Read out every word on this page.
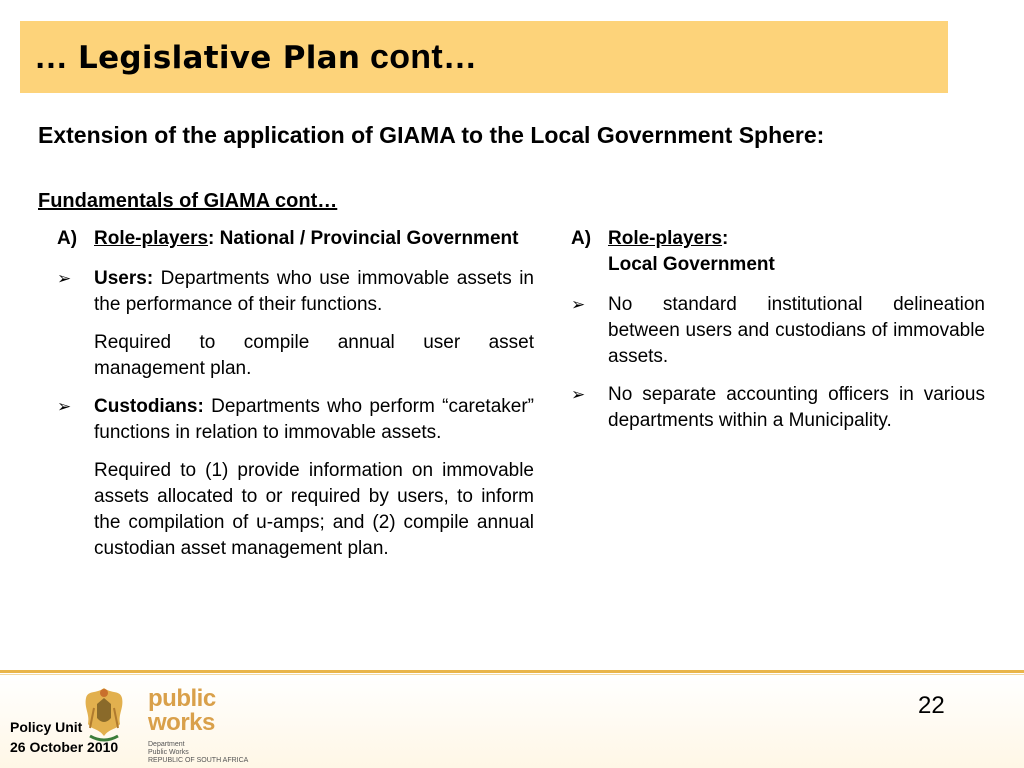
… Legislative Plan cont…
Extension of the application of GIAMA to the Local Government Sphere:
Fundamentals of GIAMA cont…
A) Role-players: National / Provincial Government
➢	Users: Departments who use immovable assets in the performance of their functions.
Required to compile annual user asset management plan.
➢	Custodians: Departments who perform “caretaker” functions in relation to immovable assets.
Required to (1) provide information on immovable assets allocated to or required by users, to inform the compilation of u-amps; and (2) compile annual custodian asset management plan.
A) Role-players:
Local Government
➢	No standard institutional delineation between users and custodians of immovable assets.
➢	No separate accounting officers in various departments within a Municipality.
public works
Department
Public Works
REPUBLIC OF SOUTH AFRICA
Policy Unit
26 October 2010
22
